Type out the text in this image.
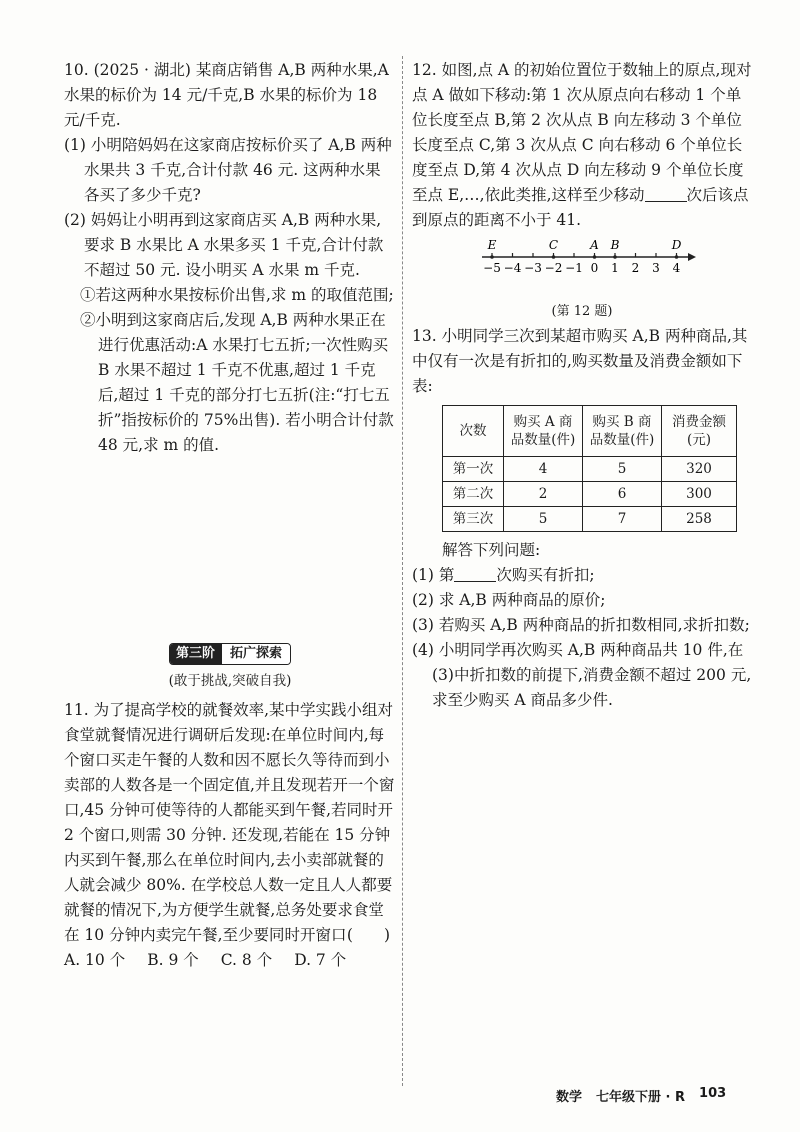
10. (2025 · 湖北) 某商店销售 A,B 两种水果,A 水果的标价为 14 元/千克,B 水果的标价为 18 元/千克.

(1) 小明陪妈妈在这家商店按标价买了 A,B 两种水果共 3 千克,合计付款 46 元. 这两种水果各买了多少千克?

(2) 妈妈让小明再到这家商店买 A,B 两种水果,要求 B 水果比 A 水果多买 1 千克,合计付款不超过 50 元. 设小明买 A 水果 m 千克.

①若这两种水果按标价出售,求 m 的取值范围;

②小明到这家商店后,发现 A,B 两种水果正在进行优惠活动:A 水果打七五折;一次性购买 B 水果不超过 1 千克不优惠,超过 1 千克后,超过 1 千克的部分打七五折(注:“打七五折”指按标价的 75%出售). 若小明合计付款 48 元,求 m 的值.

第三阶	拓广探索

(敢于挑战,突破自我)

11. 为了提高学校的就餐效率,某中学实践小组对食堂就餐情况进行调研后发现:在单位时间内,每个窗口买走午餐的人数和因不愿长久等待而到小卖部的人数各是一个固定值,并且发现若开一个窗口,45 分钟可使等待的人都能买到午餐,若同时开 2 个窗口,则需 30 分钟. 还发现,若能在 15 分钟内买到午餐,那么在单位时间内,去小卖部就餐的人就会减少 80%. 在学校总人数一定且人人都要就餐的情况下,为方便学生就餐,总务处要求食堂在 10 分钟内卖完午餐,至少要同时开窗口 (　　)

A. 10 个 B. 9 个 C. 8 个 D. 7 个

12. 如图,点 A 的初始位置位于数轴上的原点,现对点 A 做如下移动:第 1 次从原点向右移动 1 个单位长度至点 B,第 2 次从点 B 向左移动 3 个单位长度至点 C,第 3 次从点 C 向右移动 6 个单位长度至点 D,第 4 次从点 D 向左移动 9 个单位长度至点 E,…,依此类推,这样至少移动	次后该点到原点的距离不小于 41.

−5 −4 −3 −2 −1 0 1 2 3 4
E	C	A B	D

(第 12 题)

13. 小明同学三次到某超市购买 A,B 两种商品,其中仅有一次是有折扣的,购买数量及消费金额如下表:

次数	购买 A 商品数量(件)	购买 B 商品数量(件)	消费金额(元)
第一次	4	5	320
第二次	2	6	300
第三次	5	7	258

解答下列问题:

(1) 第	次购买有折扣;

(2) 求 A,B 两种商品的原价;

(3) 若购买 A,B 两种商品的折扣数相同,求折扣数;

(4) 小明同学再次购买 A,B 两种商品共 10 件,在(3)中折扣数的前提下,消费金额不超过 200 元,求至少购买 A 商品多少件.

数学 七年级下册 · R 103
